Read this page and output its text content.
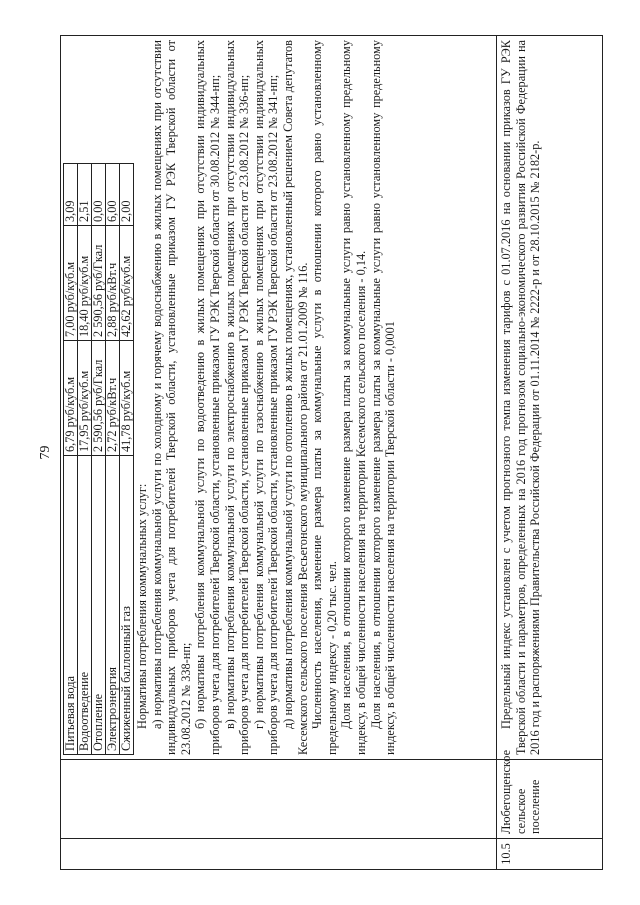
79

Питьевая вода	6,79 руб/куб.м	7,00 руб/куб.м	3,09
Водоотведение	17,95 руб/куб.м	18,40 руб/куб.м	2,51
Отопление	2 590,56 руб/Гкал	2 590,56 руб/Гкал	0,00
Электроэнергия	2,72 руб/кВт.ч	2,88 руб/кВт.ч	6,00
Сжиженный баллонный газ	41,78 руб/куб.м	42,62 руб/куб.м	2,00

Нормативы потребления коммунальных услуг: а) нормативы потребления коммунальной услуги по холодному и горячему водоснабжению в жилых помещениях при отсутствии индивидуальных приборов учета для потребителей Тверской области, установленные приказом ГУ РЭК Тверской области от 23.08.2012 № 338-нп; б) нормативы потребления коммунальной услуги по водоотведению в жилых помещениях при отсутствии индивидуальных приборов учета для потребителей Тверской области, установленные приказом ГУ РЭК Тверской области от 30.08.2012 № 344-нп; в) нормативы потребления коммунальной услуги по электроснабжению в жилых помещениях при отсутствии индивидуальных приборов учета для потребителей Тверской области, установленные приказом ГУ РЭК Тверской области от 23.08.2012 № 336-нп; г) нормативы потребления коммунальной услуги по газоснабжению в жилых помещениях при отсутствии индивидуальных приборов учета для потребителей Тверской области, установленные приказом ГУ РЭК Тверской области от 23.08.2012 № 341-нп; д) нормативы потребления коммунальной услуги по отоплению в жилых помещениях, установленный решением Совета депутатов Кесемского сельского поселения Весьегонского муниципального района от 21.01.2009 № 116. Численность населения, изменение размера платы за коммунальные услуги в отношении которого равно установленному предельному индексу - 0,20 тыс. чел. Доля населения, в отношении которого изменение размера платы за коммунальные услуги равно установленному предельному индексу, в общей численности населения на территории Кесемского сельского поселения - 0,14. Доля населения, в отношении которого изменение размера платы за коммунальные услуги равно установленному предельному индексу, в общей численности населения на территории Тверской области - 0,0001

10.5	Любегощенское сельское поселение	

Предельный индекс установлен с учетом прогнозного темпа изменения тарифов с 01.07.2016 на основании приказов ГУ РЭК Тверской области и параметров, определенных на 2016 год прогнозом социально-экономического развития Российской Федерации на 2016 год и распоряжениями Правительства Российской Федерации от 01.11.2014 № 2222-р и от 28.10.2015 № 2182-р.
